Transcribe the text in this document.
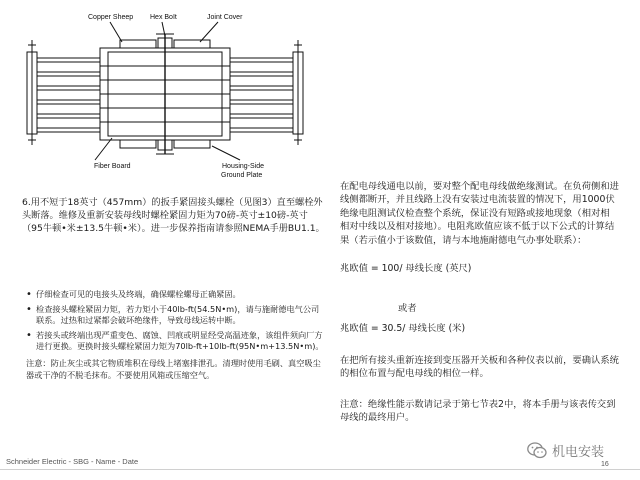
Copper Sheep Hex BoIt	Joint Cover
Fiber Board	Housing-Side
Ground Plate
6.用不短于18英寸（457mm）的扳手紧固接头螺栓（见图3）直至螺栓外头断落。维修及重新安装母线时螺栓紧固力矩为70磅-英寸±10磅-英寸（95牛顿•米±13.5牛顿•米）。进一步保养指南请参照NEMA手册BU1.1。
• 仔细检查可见的电接头及终端，确保螺栓螺母正确紧固。
• 检查接头螺栓紧固力矩，若力矩小于40lb-ft(54.5N•m)，请与施耐德电气公司联系。过热和过紧都会破坏绝缘件，导致母线运转中断。
• 若接头或终端出现严重变色、腐蚀、凹痕或明显经受高温迹象，该组件须向厂方进行更换。更换时接头螺栓紧固力矩为70lb-ft+10lb-ft(95N•m+13.5N•m)。
注意：防止灰尘或其它物质堆积在母线上堵塞排泄孔。清理时使用毛刷、真空吸尘器或干净的不脱毛抹布。不要使用风箱或压缩空气。
在配电母线通电以前，要对整个配电母线做绝缘测试。在负荷侧和进线侧都断开，并且线路上没有安装过电流装置的情况下，用1000伏绝缘电阻测试仪检查整个系统，保证没有短路或接地现象（相对相　相对中线以及相对接地）。电阻兆欧值应该不低于以下公式的计算结果（若示值小于该数值，请与本地施耐德电气办事处联系）：
兆欧值 = 100/ 母线长度 (英尺)
或者
兆欧值 = 30.5/ 母线长度 (米)
在把所有接头重新连接到变压器开关板和各种仪表以前，要确认系统的相位布置与配电母线的相位一样。
注意：绝缘性能示数请记录于第七节表2中，将本手册与该表传交到母线的最终用户。
Schneider Electric - SBG - Name - Date
机电安装
16
